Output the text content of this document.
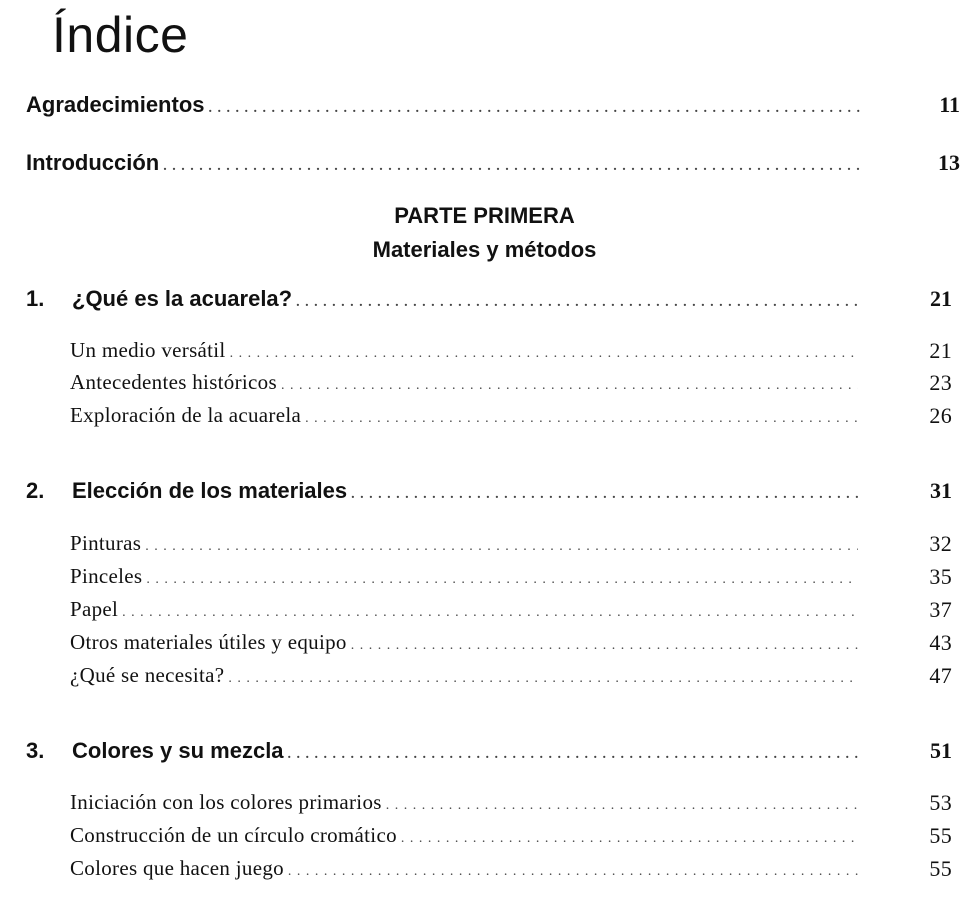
Índice
Agradecimientos . . .	11
Introducción . . .	13
PARTE PRIMERA
Materiales y métodos
1.	¿Qué es la acuarela? . . .	21
Un medio versátil . . .	21
Antecedentes históricos . . .	23
Exploración de la acuarela . . .	26
2.	Elección de los materiales . . .	31
Pinturas . . .	32
Pinceles . . .	35
Papel . . .	37
Otros materiales útiles y equipo . . .	43
¿Qué se necesita? . . .	47
3.	Colores y su mezcla . . .	51
Iniciación con los colores primarios . . .	53
Construcción de un círculo cromático . . .	55
Colores que hacen juego . . .	55
